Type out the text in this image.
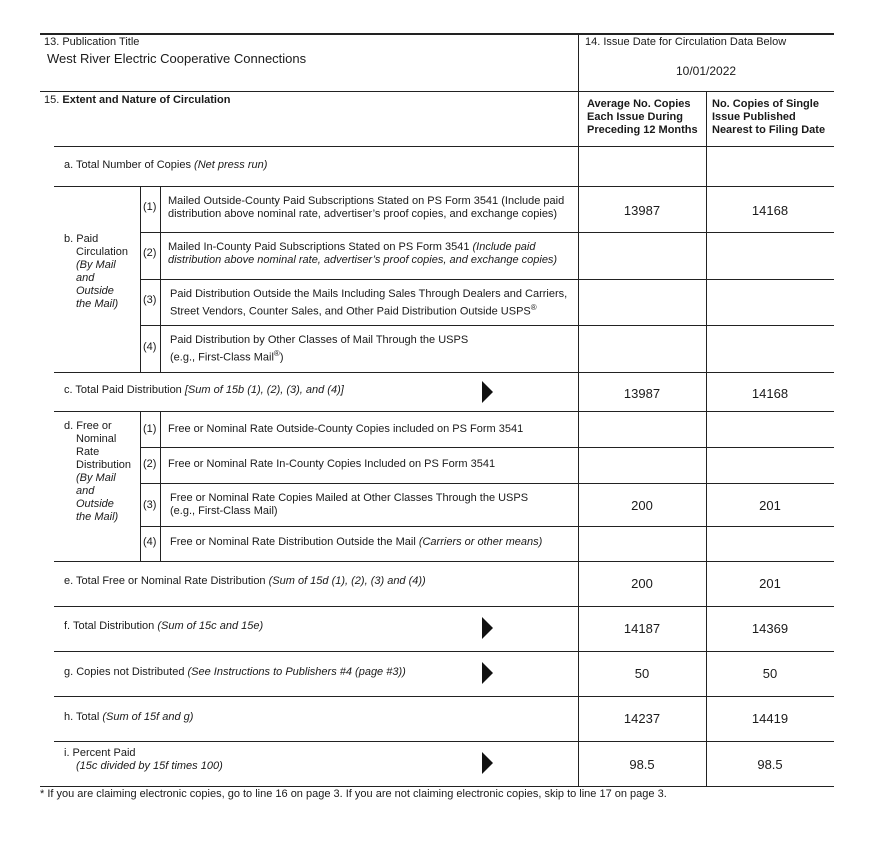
13. Publication Title
West River Electric Cooperative Connections
14. Issue Date for Circulation Data Below
10/01/2022
15. Extent and Nature of Circulation	Average No. Copies
Each Issue During
Preceding 12 Months
No. Copies of Single
Issue Published
Nearest to Filing Date
a. Total Number of Copies (Net press run)
b. Paid
Circulation
(By Mail
and
Outside
the Mail)
(1) Mailed Outside-County Paid Subscriptions Stated on PS Form 3541 (Include paid
distribution above nominal rate, advertiser’s proof copies, and exchange copies)	13987	14168
(2) Mailed In-County Paid Subscriptions Stated on PS Form 3541 (Include paid
distribution above nominal rate, advertiser’s proof copies, and exchange copies)
(3) Paid Distribution Outside the Mails Including Sales Through Dealers and Carriers,
Street Vendors, Counter Sales, and Other Paid Distribution Outside USPS®
(4)
Paid Distribution by Other Classes of Mail Through the USPS
(e.g., First-Class Mail®)
c. Total Paid Distribution [Sum of 15b (1), (2), (3), and (4)]	13987	14168
d. Free or
Nominal
Rate
Distribution
(By Mail
and
Outside
the Mail)
(1) Free or Nominal Rate Outside-County Copies included on PS Form 3541
(2) Free or Nominal Rate In-County Copies Included on PS Form 3541
(3)
Free or Nominal Rate Copies Mailed at Other Classes Through the USPS
(e.g., First-Class Mail)	200	201
(4) Free or Nominal Rate Distribution Outside the Mail (Carriers or other means)
e. Total Free or Nominal Rate Distribution (Sum of 15d (1), (2), (3) and (4))	200	201
f. Total Distribution (Sum of 15c and 15e)	14187	14369
g. Copies not Distributed (See Instructions to Publishers #4 (page #3))	50	50
h. Total (Sum of 15f and g)	14237	14419
i. Percent Paid
(15c divided by 15f times 100)	98.5	98.5
* If you are claiming electronic copies, go to line 16 on page 3. If you are not claiming electronic copies, skip to line 17 on page 3.
